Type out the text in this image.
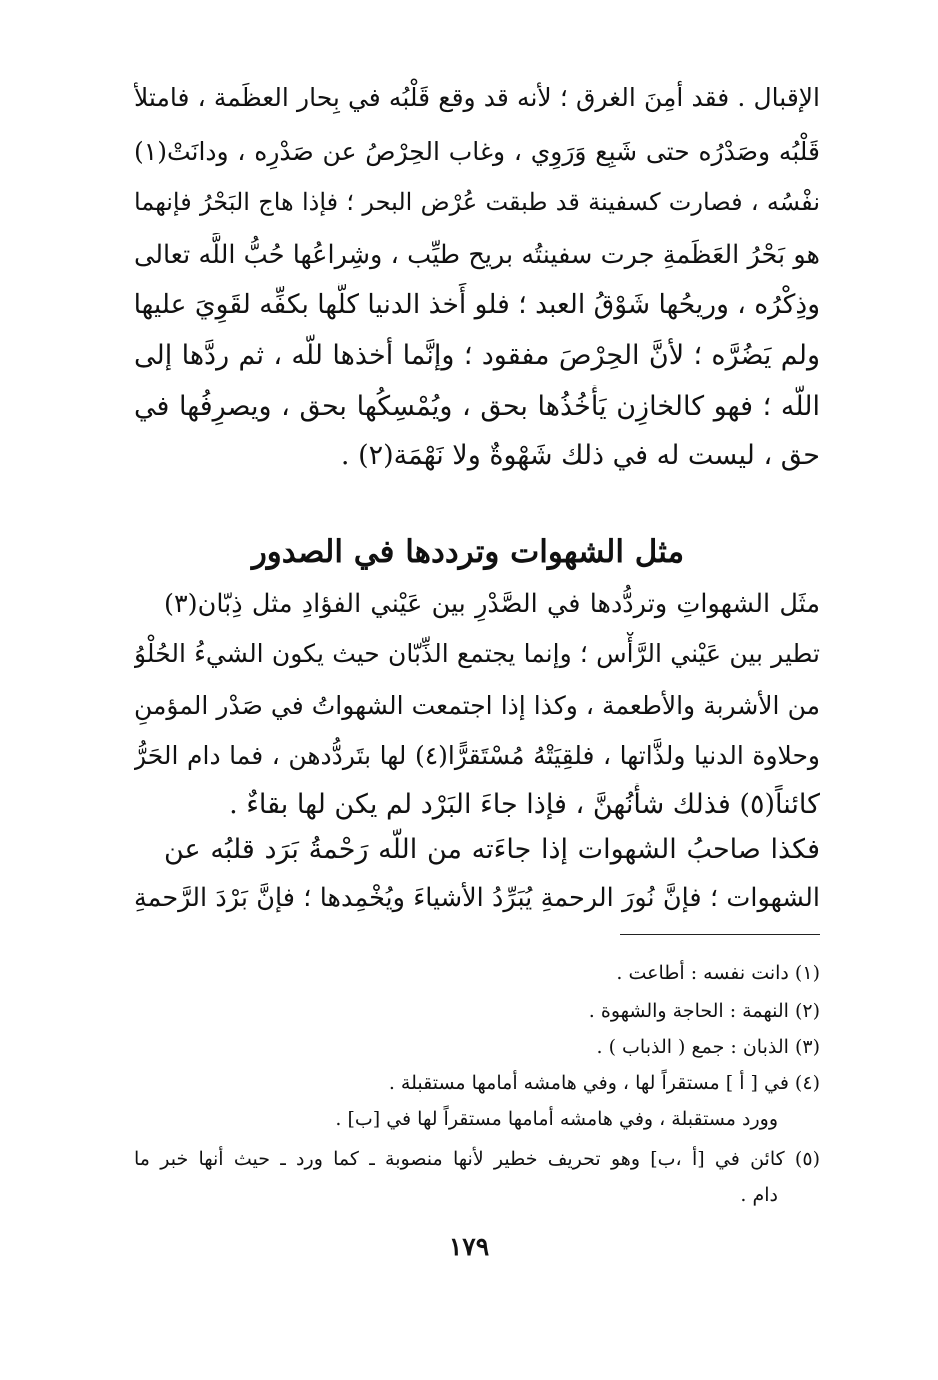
الإقبال . فقد أمِنَ الغرق ؛ لأنه قد وقع قَلْبُه في بِحار العظَمة ، فامتلأ
قَلْبُه وصَدْرُه حتى شَبِع وَرَوِي ، وغاب الحِرْصُ عن صَدْرِه ، ودانَتْ(١)
نفْسُه ، فصارت كسفينة قد طبقت عُرْض البحر ؛ فإذا هاج البَحْرُ فإنهما
هو بَحْرُ العَظَمةِ جرت سفينتُه بريح طيِّب ، وشِراعُها حُبُّ اللَّه تعالى
وذِكْرُه ، وريحُها شَوْقُ العبد ؛ فلو أَخذ الدنيا كلَّها بكفِّه لقَوِيَ عليها
ولم يَضُرَّه ؛ لأنَّ الحِرْصَ مفقود ؛ وإنَّما أخذها للَّه ، ثم ردَّها إلى
اللَّه ؛ فهو كالخازِن يَأْخُذُها بحق ، ويُمْسِكُها بحق ، ويصرِفُها في
حق ، ليست له في ذلك شَهْوةٌ ولا نَهْمَة(٢) .
مثل الشهوات وترددها في الصدور
مثَل الشهواتِ وتردُّدها في الصَّدْرِ بين عَيْني الفؤادِ مثل ذِبّان(٣)
تطير بين عَيْني الرَّأْس ؛ وإنما يجتمع الذِّبّان حيث يكون الشيءُ الحُلْوُ
من الأشربة والأطعمة ، وكذا إذا اجتمعت الشهواتُ في صَدْر المؤمنِ
وحلاوة الدنيا ولذَّاتها ، فلقِيَتْهُ مُسْتَقرًّا(٤) لها بتَردُّدهن ، فما دام الحَرُّ
كائناً(٥) فذلك شأْنُهنَّ ، فإذا جاءَ البَرْد لم يكن لها بقاءٌ .
فكذا صاحبُ الشهوات إذا جاءَته من اللَّه رَحْمةُ بَرَد قلبُه عن
الشهوات ؛ فإنَّ نُورَ الرحمةِ يُبَرِّدُ الأشياءَ ويُخْمِدها ؛ فإنَّ بَرْدَ الرَّحمةِ
(١) دانت نفسه : أطاعت .
(٢) النهمة : الحاجة والشهوة .
(٣) الذبان : جمع ( الذباب ) .
(٤) في [ أ ] مستقراً لها ، وفي هامشه أمامها مستقبلة .
وورد مستقبلة ، وفي هامشه أمامها مستقراً لها في [ب] .
(٥) كائن في [أ ،ب] وهو تحريف خطير لأنها منصوبة ـ كما ورد ـ حيث أنها خبر ما
دام .
١٧٩
